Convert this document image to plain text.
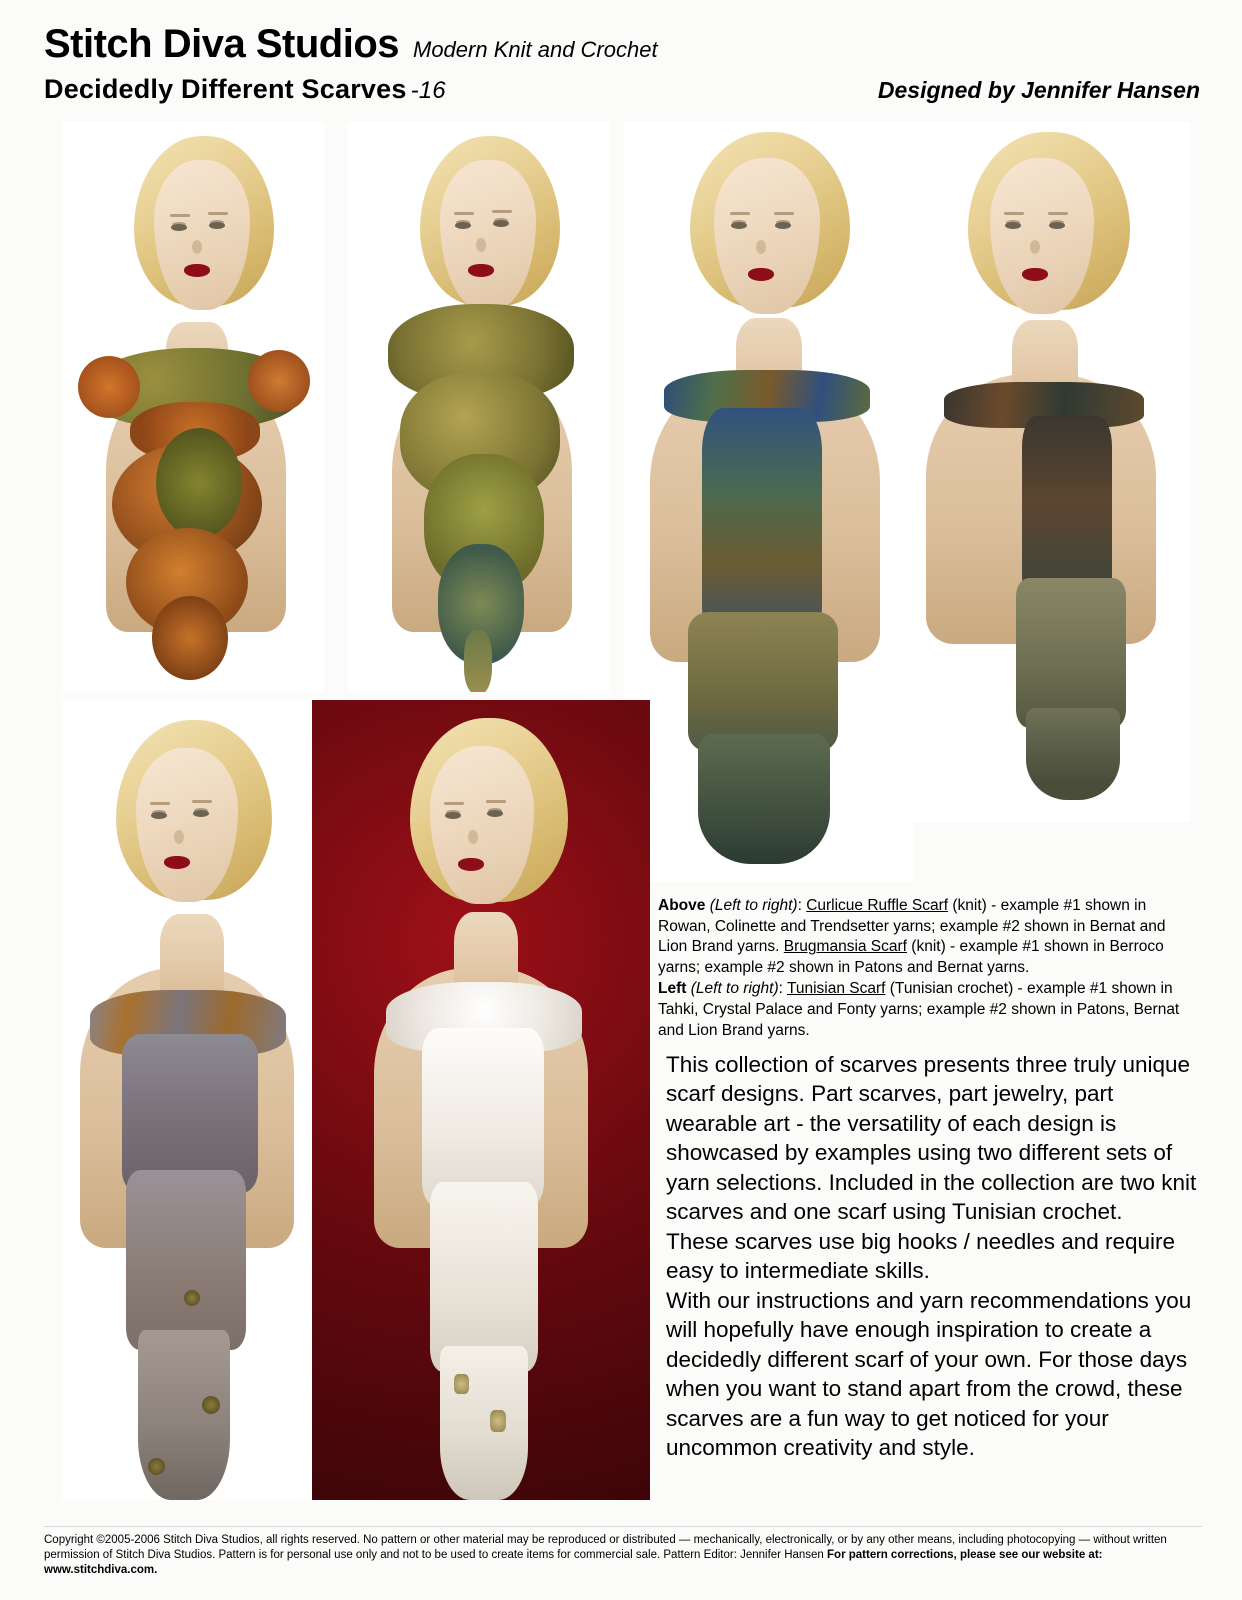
Stitch Diva Studios Modern Knit and Crochet
Decidedly Different Scarves -16	Designed by Jennifer Hansen

Above (Left to right): Curlicue Ruffle Scarf (knit) - example #1 shown in Rowan, Colinette and Trendsetter yarns; example #2 shown in Bernat and Lion Brand yarns. Brugmansia Scarf (knit) - example #1 shown in Berroco yarns; example #2 shown in Patons and Bernat yarns.

Left (Left to right): Tunisian Scarf (Tunisian crochet) - example #1 shown in Tahki, Crystal Palace and Fonty yarns; example #2 shown in Patons, Bernat and Lion Brand yarns.

This collection of scarves presents three truly unique scarf designs. Part scarves, part jewelry, part wearable art - the versatility of each design is showcased by examples using two different sets of yarn selections. Included in the collection are two knit scarves and one scarf using Tunisian crochet.

These scarves use big hooks / needles and require easy to intermediate skills.

With our instructions and yarn recommendations you will hopefully have enough inspiration to create a decidedly different scarf of your own. For those days when you want to stand apart from the crowd, these scarves are a fun way to get noticed for your uncommon creativity and style.

Copyright ©2005-2006 Stitch Diva Studios, all rights reserved. No pattern or other material may be reproduced or distributed — mechanically, electronically, or by any other means, including photocopying — without written
permission of Stitch Diva Studios. Pattern is for personal use only and not to be used to create items for commercial sale. Pattern Editor: Jennifer Hansen For pattern corrections, please see our website at:
www.stitchdiva.com.
